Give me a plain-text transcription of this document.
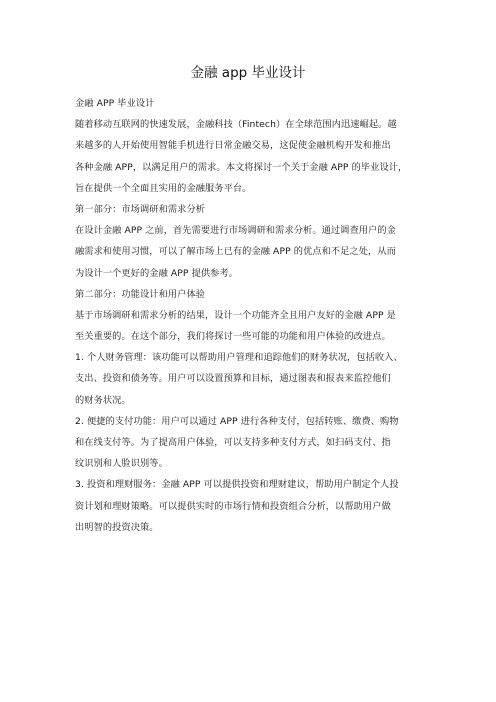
金融 app 毕业设计
金融 APP 毕业设计
随着移动互联网的快速发展，金融科技（Fintech）在全球范围内迅速崛起。越
来越多的人开始使用智能手机进行日常金融交易，这促使金融机构开发和推出
各种金融 APP，以满足用户的需求。本文将探讨一个关于金融 APP 的毕业设计，
旨在提供一个全面且实用的金融服务平台。
第一部分：市场调研和需求分析
在设计金融 APP 之前，首先需要进行市场调研和需求分析。通过调查用户的金
融需求和使用习惯，可以了解市场上已有的金融 APP 的优点和不足之处，从而
为设计一个更好的金融 APP 提供参考。
第二部分：功能设计和用户体验
基于市场调研和需求分析的结果，设计一个功能齐全且用户友好的金融 APP 是
至关重要的。在这个部分，我们将探讨一些可能的功能和用户体验的改进点。
1. 个人财务管理：该功能可以帮助用户管理和追踪他们的财务状况，包括收入、
支出、投资和债务等。用户可以设置预算和目标，通过图表和报表来监控他们
的财务状况。
2. 便捷的支付功能：用户可以通过 APP 进行各种支付，包括转账、缴费、购物
和在线支付等。为了提高用户体验，可以支持多种支付方式，如扫码支付、指
纹识别和人脸识别等。
3. 投资和理财服务：金融 APP 可以提供投资和理财建议，帮助用户制定个人投
资计划和理财策略。可以提供实时的市场行情和投资组合分析，以帮助用户做
出明智的投资决策。
